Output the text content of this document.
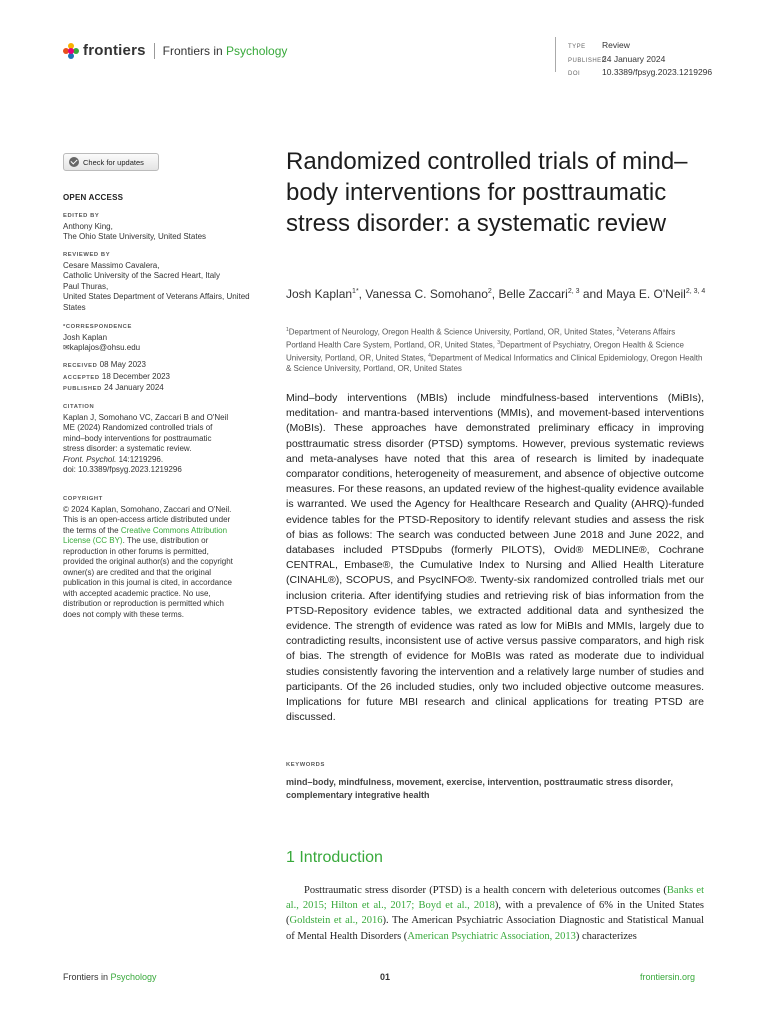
frontiers Frontiers in Psychology	TYPE Review
PUBLISHED24 January 2024
DOI	10.3389/fpsyg.2023.1219296
Check for updates
OPEN ACCESS
EDITED BY
Anthony King,
The Ohio State University, United States
REVIEWED BY
Cesare Massimo Cavalera,
Catholic University of the Sacred Heart, Italy
Paul Thuras,
United States Department of Veterans Affairs, United States
*CORRESPONDENCE
Josh Kaplan
✉kaplajos@ohsu.edu
RECEIVED 08 May 2023
ACCEPTED 18 December 2023
PUBLISHED 24 January 2024
CITATION
Kaplan J, Somohano VC, Zaccari B and O'Neil ME (2024) Randomized controlled trials of mind–body interventions for posttraumatic stress disorder: a systematic review.
Front. Psychol. 14:1219296.
doi: 10.3389/fpsyg.2023.1219296
COPYRIGHT
© 2024 Kaplan, Somohano, Zaccari and O'Neil. This is an open-access article distributed under the terms of the Creative Commons Attribution License (CC BY). The use, distribution or reproduction in other forums is permitted, provided the original author(s) and the copyright owner(s) are credited and that the original publication in this journal is cited, in accordance with accepted academic practice. No use, distribution or reproduction is permitted which does not comply with these terms.
Randomized controlled trials of mind–body interventions for posttraumatic stress disorder: a systematic review
Josh Kaplan$^{1*}$, Vanessa C. Somohano$^2$, Belle Zaccari$^{2, 3}$ and Maya E. O'Neil$^{2, 3, 4}$
$^1$Department of Neurology, Oregon Health & Science University, Portland, OR, United States, $^2$Veterans Affairs Portland Health Care System, Portland, OR, United States, $^3$Department of Psychiatry, Oregon Health & Science University, Portland, OR, United States, $^4$Department of Medical Informatics and Clinical Epidemiology, Oregon Health & Science University, Portland, OR, United States
Mind–body interventions (MBIs) include mindfulness-based interventions (MiBIs), meditation- and mantra-based interventions (MMIs), and movement-based interventions (MoBIs). These approaches have demonstrated preliminary efficacy in improving posttraumatic stress disorder (PTSD) symptoms. However, previous systematic reviews and meta-analyses have noted that this area of research is limited by inadequate comparator conditions, heterogeneity of measurement, and absence of objective outcome measures. For these reasons, an updated review of the highest-quality evidence available is warranted. We used the Agency for Healthcare Research and Quality (AHRQ)-funded evidence tables for the PTSD-Repository to identify relevant studies and assess the risk of bias as follows: The search was conducted between June 2018 and June 2022, and databases included PTSDpubs (formerly PILOTS), Ovid® MEDLINE®, Cochrane CENTRAL, Embase®, the Cumulative Index to Nursing and Allied Health Literature (CINAHL®), SCOPUS, and PsycINFO®. Twenty-six randomized controlled trials met our inclusion criteria. After identifying studies and retrieving risk of bias information from the PTSD-Repository evidence tables, we extracted additional data and synthesized the evidence. The strength of evidence was rated as low for MiBIs and MMIs, largely due to contradicting results, inconsistent use of active versus passive comparators, and high risk of bias. The strength of evidence for MoBIs was rated as moderate due to individual studies consistently favoring the intervention and a relatively large number of studies and participants. Of the 26 included studies, only two included objective outcome measures. Implications for future MBI research and clinical applications for treating PTSD are discussed.
KEYWORDS
mind–body, mindfulness, movement, exercise, intervention, posttraumatic stress disorder, complementary integrative health
1 Introduction
Posttraumatic stress disorder (PTSD) is a health concern with deleterious outcomes (Banks et al., 2015; Hilton et al., 2017; Boyd et al., 2018), with a prevalence of 6% in the United States (Goldstein et al., 2016). The American Psychiatric Association Diagnostic and Statistical Manual of Mental Health Disorders (American Psychiatric Association, 2013) characterizes
Frontiers in Psychology	01	frontiersin.org
